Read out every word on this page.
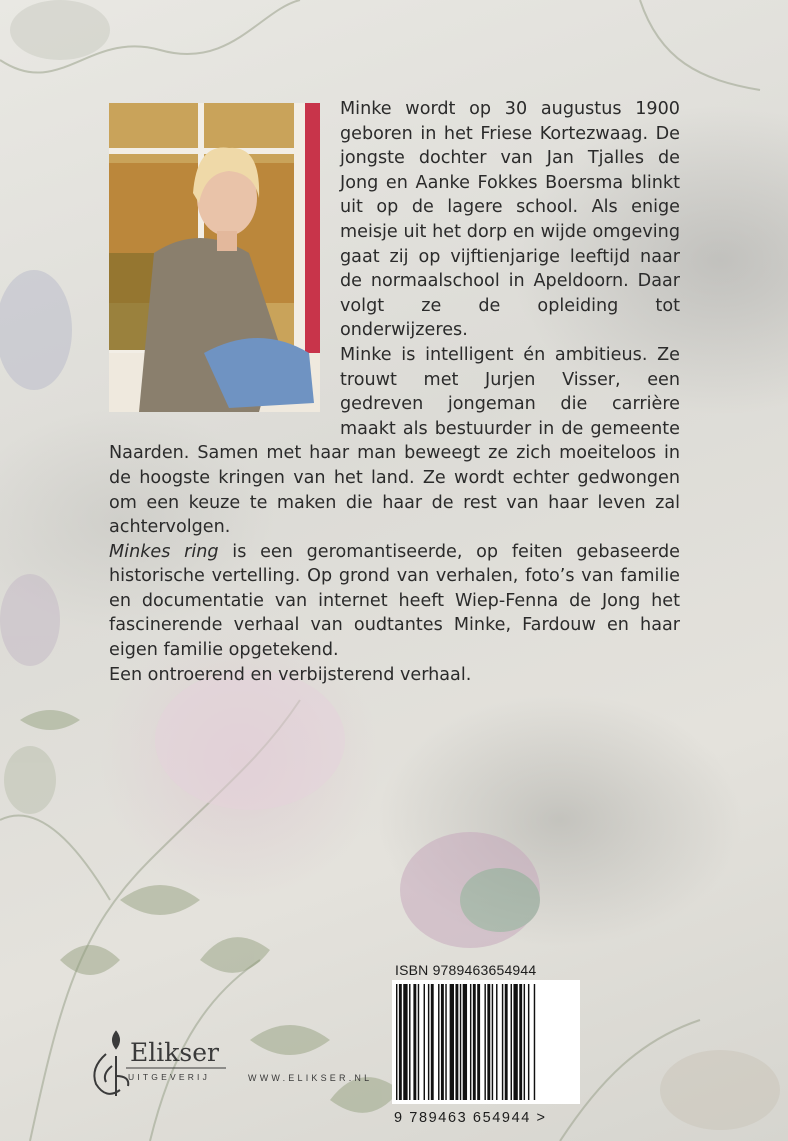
Minke wordt op 30 augustus 1900 geboren in het Friese Kortezwaag. De jongste dochter van Jan Tjalles de Jong en Aanke Fokkes Boersma blinkt uit op de lagere school. Als enige meisje uit het dorp en wijde omgeving gaat zij op vijftienjarige leeftijd naar de normaalschool in Apeldoorn. Daar volgt ze de opleiding tot onderwijzeres.

Minke is intelligent én ambitieus. Ze trouwt met Jurjen Visser, een gedreven jongeman die carrière maakt als bestuurder in de gemeente Naarden. Samen met haar man beweegt ze zich moeiteloos in de hoogste kringen van het land. Ze wordt echter gedwongen om een keuze te maken die haar de rest van haar leven zal achtervolgen.

Minkes ring is een geromantiseerde, op feiten gebaseerde historische vertelling. Op grond van verhalen, foto’s van familie en documentatie van internet heeft Wiep-Fenna de Jong het fascinerende verhaal van oudtantes Minke, Fardouw en haar eigen familie opgetekend.

Een ontroerend en verbijsterend verhaal.

ISBN 9789463654944
9 789463 654944 >
Elikser
UITGEVERIJ	WWW.ELIKSER.NL
